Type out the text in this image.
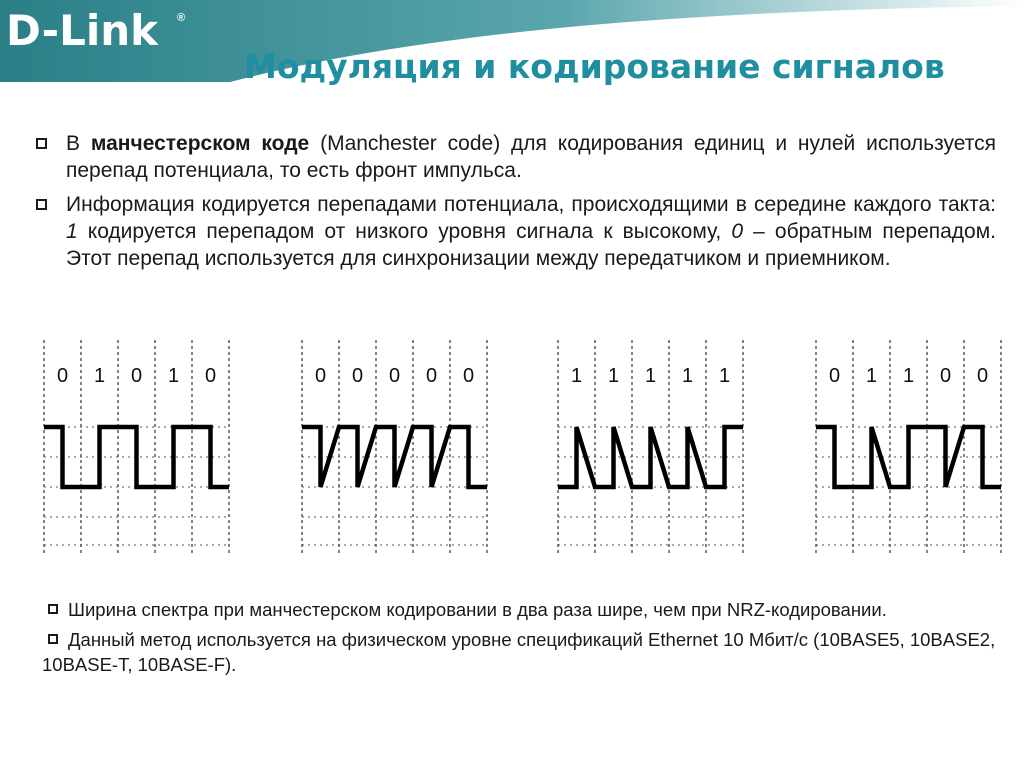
D-Link ®
Модуляция и кодирование сигналов
В манчестерском коде (Manchester code) для кодирования единиц и нулей используется перепад потенциала, то есть фронт импульса.
Информация кодируется перепадами потенциала, происходящими в середине каждого такта: 1 кодируется перепадом от низкого уровня сигнала к высокому, 0 – обратным перепадом. Этот перепад используется для синхронизации между передатчиком и приемником.
0 1 0 1 0	0 0 0 0 0	1 1 1 1 1	0 1 1 0 0
Ширина спектра при манчестерском кодировании в два раза шире, чем при NRZ-кодировании.
Данный метод используется на физическом уровне спецификаций Ethernet 10 Мбит/с (10BASE5, 10BASE2, 10BASE-T, 10BASE-F).
